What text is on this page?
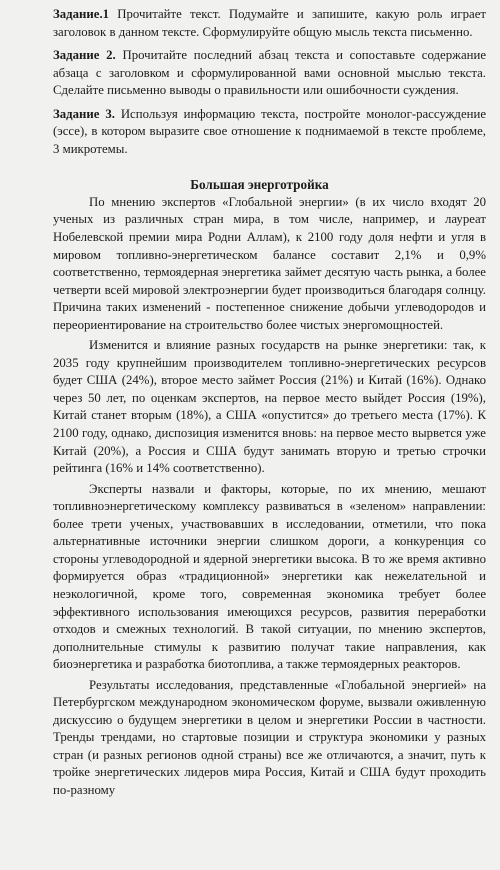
Задание.1 Прочитайте текст. Подумайте и запишите, какую роль играет заголовок в данном тексте. Сформулируйте общую мысль текста письменно.

Задание 2. Прочитайте последний абзац текста и сопоставьте содержание абзаца с заголовком и сформулированной вами основной мыслью текста. Сделайте письменно выводы о правильности или ошибочности суждения.

Задание 3. Используя информацию текста, постройте монолог-рассуждение (эссе), в котором выразите свое отношение к поднимаемой в тексте проблеме, 3 микротемы.

Большая энерготройка

По мнению экспертов «Глобальной энергии» (в их число входят 20 ученых из различных стран мира, в том числе, например, и лауреат Нобелевской премии мира Родни Аллам), к 2100 году доля нефти и угля в мировом топливно-энергетическом балансе составит 2,1% и 0,9% соответственно, термоядерная энергетика займет десятую часть рынка, а более четверти всей мировой электроэнергии будет производиться благодаря солнцу. Причина таких изменений - постепенное снижение добычи углеводородов и переориентирование на строительство более чистых энергомощностей.

Изменится и влияние разных государств на рынке энергетики: так, к 2035 году крупнейшим производителем топливно-энергетических ресурсов будет США (24%), второе место займет Россия (21%) и Китай (16%). Однако через 50 лет, по оценкам экспертов, на первое место выйдет Россия (19%), Китай станет вторым (18%), а США «опустится» до третьего места (17%). К 2100 году, однако, диспозиция изменится вновь: на первое место вырвется уже Китай (20%), а Россия и США будут занимать вторую и третью строчки рейтинга (16% и 14% соответственно).

Эксперты назвали и факторы, которые, по их мнению, мешают топливноэнергетическому комплексу развиваться в «зеленом» направлении: более трети ученых, участвовавших в исследовании, отметили, что пока альтернативные источники энергии слишком дороги, а конкуренция со стороны углеводородной и ядерной энергетики высока. В то же время активно формируется образ «традиционной» энергетики как нежелательной и неэкологичной, кроме того, современная экономика требует более эффективного использования имеющихся ресурсов, развития переработки отходов и смежных технологий. В такой ситуации, по мнению экспертов, дополнительные стимулы к развитию получат такие направления, как биоэнергетика и разработка биотоплива, а также термоядерных реакторов.

Результаты исследования, представленные «Глобальной энергией» на Петербургском международном экономическом форуме, вызвали оживленную дискуссию о будущем энергетики в целом и энергетики России в частности. Тренды трендами, но стартовые позиции и структура экономики у разных стран (и разных регионов одной страны) все же отличаются, а значит, путь к тройке энергетических лидеров мира Россия, Китай и США будут проходить по-разному
